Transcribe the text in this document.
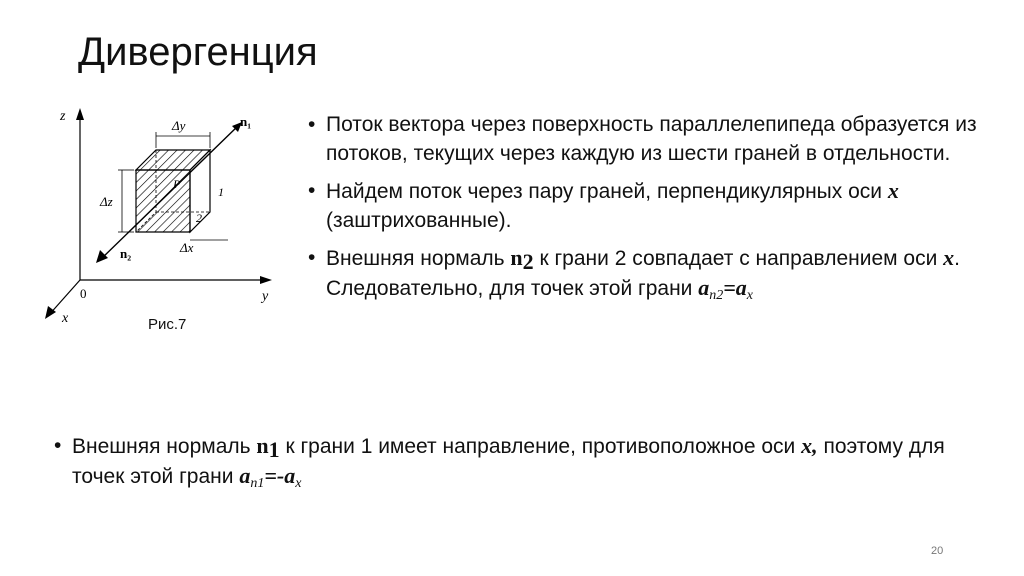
Дивергенция
z
y
x
0
Δy
Δz
Δx
n₁
n₂
P
1
2
Рис.7
• Поток вектора через поверхность параллелепипеда образуется из потоков, текущих через каждую из шести граней в отдельности.
• Найдем поток через пару граней, перпендикулярных оси x (заштрихованные).
• Внешняя нормаль $n_2$ к грани 2 совпадает с направлением оси x. Следовательно, для точек этой грани $a_{n2}=a_x$
• Внешняя нормаль $n_1$ к грани 1 имеет направление, противоположное оси x, поэтому для точек этой грани $a_{n1}=-a_x$
20
